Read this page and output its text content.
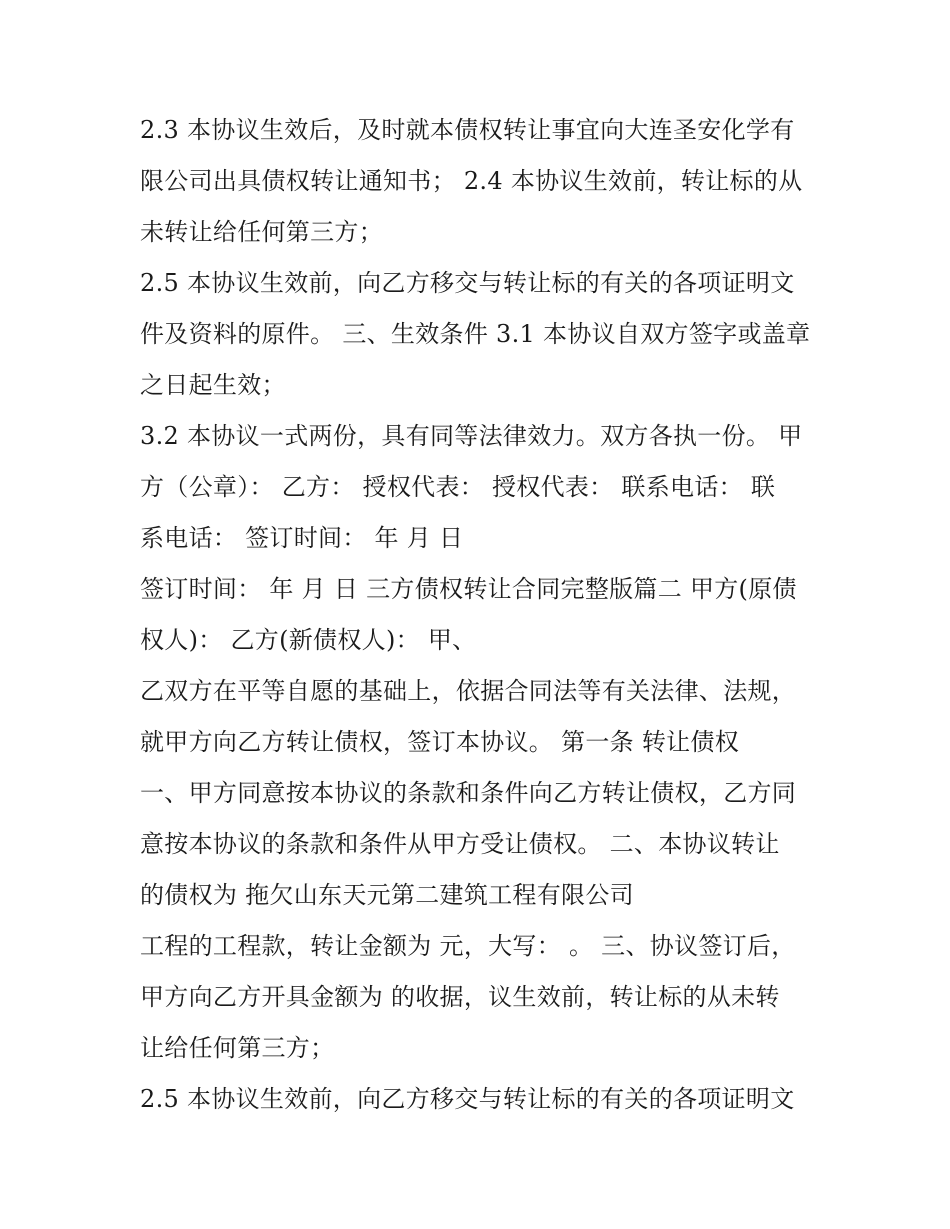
2.3 本协议生效后，及时就本债权转让事宜向大连圣安化学有
限公司出具债权转让通知书； 2.4 本协议生效前，转让标的从
未转让给任何第三方；
2.5 本协议生效前，向乙方移交与转让标的有关的各项证明文
件及资料的原件。 三、生效条件 3.1 本协议自双方签字或盖章
之日起生效；
3.2 本协议一式两份，具有同等法律效力。双方各执一份。 甲
方（公章）： 乙方： 授权代表： 授权代表： 联系电话： 联
系电话： 签订时间： 年 月 日
签订时间： 年 月 日 三方债权转让合同完整版篇二 甲方(原债
权人)： 乙方(新债权人)： 甲、
乙双方在平等自愿的基础上，依据合同法等有关法律、法规，
就甲方向乙方转让债权，签订本协议。 第一条 转让债权
一、甲方同意按本协议的条款和条件向乙方转让债权，乙方同
意按本协议的条款和条件从甲方受让债权。 二、本协议转让
的债权为 拖欠山东天元第二建筑工程有限公司
工程的工程款，转让金额为 元，大写： 。 三、协议签订后，
甲方向乙方开具金额为 的收据，议生效前，转让标的从未转
让给任何第三方；
2.5 本协议生效前，向乙方移交与转让标的有关的各项证明文
